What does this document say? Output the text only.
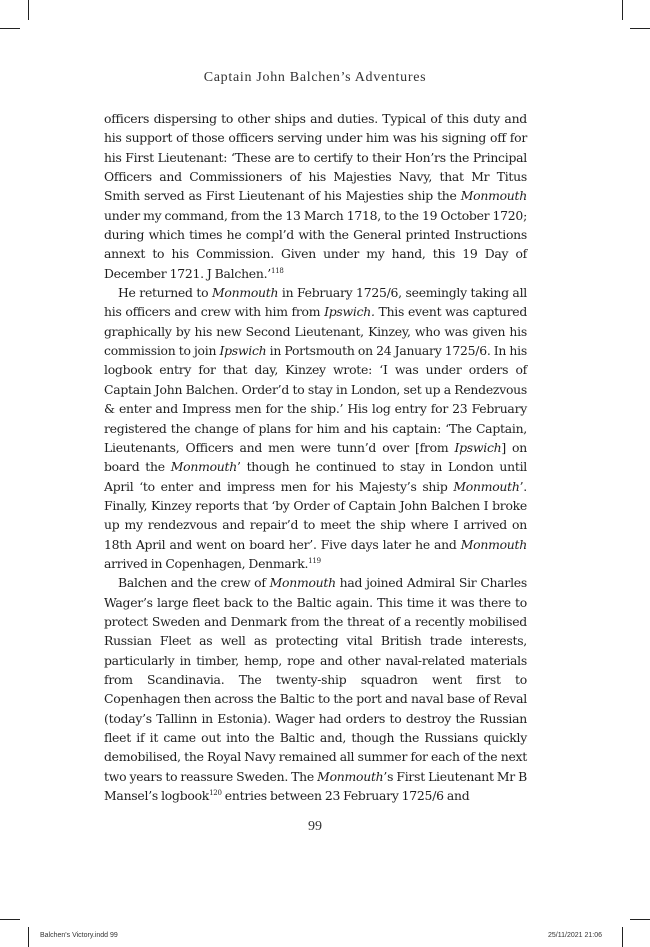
Captain John Balchen’s Adventures

officers dispersing to other ships and duties. Typical of this duty and his support of those officers serving under him was his signing off for his First Lieutenant: ‘These are to certify to their Hon’rs the Principal Officers and Commissioners of his Majesties Navy, that Mr Titus Smith served as First Lieutenant of his Majesties ship the Monmouth under my command, from the 13 March 1718, to the 19 October 1720; during which times he compl’d with the General printed Instructions annext to his Commission. Given under my hand, this 19 Day of December 1721. J Balchen.’$^{118}$

He returned to Monmouth in February 1725/6, seemingly taking all his officers and crew with him from Ipswich. This event was captured graphically by his new Second Lieutenant, Kinzey, who was given his commission to join Ipswich in Portsmouth on 24 January 1725/6. In his logbook entry for that day, Kinzey wrote: ‘I was under orders of Captain John Balchen. Order’d to stay in London, set up a Rendezvous & enter and Impress men for the ship.’ His log entry for 23 February registered the change of plans for him and his captain: ‘The Captain, Lieutenants, Officers and men were tunn’d over [from Ipswich] on board the Monmouth’ though he continued to stay in London until April ‘to enter and impress men for his Majesty’s ship Monmouth’. Finally, Kinzey reports that ‘by Order of Captain John Balchen I broke up my rendezvous and repair’d to meet the ship where I arrived on 18th April and went on board her’. Five days later he and Monmouth arrived in Copenhagen, Denmark.$^{119}$

Balchen and the crew of Monmouth had joined Admiral Sir Charles Wager’s large fleet back to the Baltic again. This time it was there to protect Sweden and Denmark from the threat of a recently mobilised Russian Fleet as well as protecting vital British trade interests, particularly in timber, hemp, rope and other naval-related materials from Scandinavia. The twenty-ship squadron went first to Copenhagen then across the Baltic to the port and naval base of Reval (today’s Tallinn in Estonia). Wager had orders to destroy the Russian fleet if it came out into the Baltic and, though the Russians quickly demobilised, the Royal Navy remained all summer for each of the next two years to reassure Sweden. The Monmouth’s First Lieutenant Mr B Mansel’s logbook$^{120}$ entries between 23 February 1725/6 and

99
Balchen's Victory.indd 99	25/11/2021 21:06
